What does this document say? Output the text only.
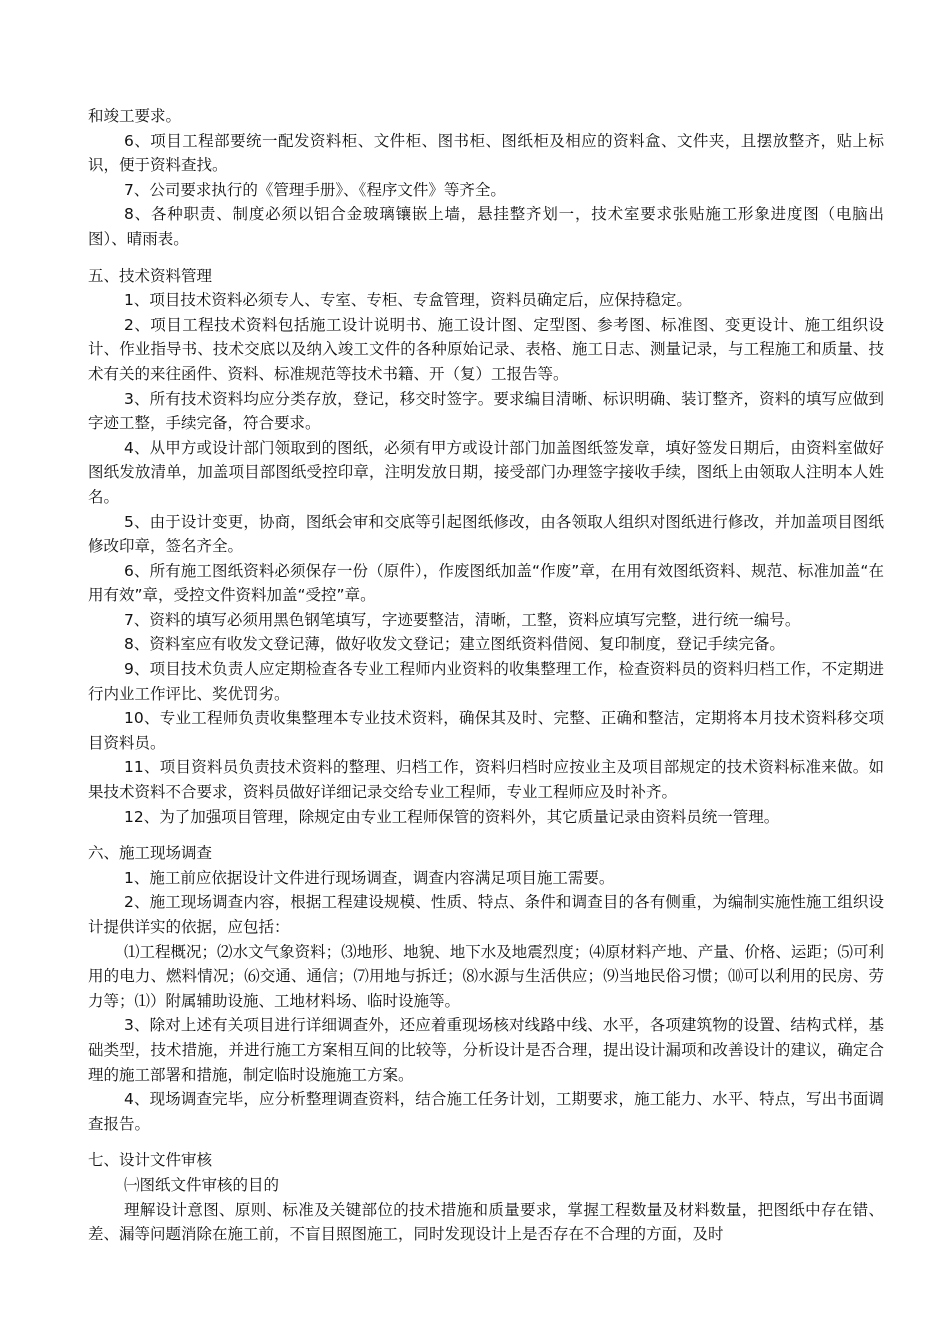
和竣工要求。

6、项目工程部要统一配发资料柜、文件柜、图书柜、图纸柜及相应的资料盒、文件夹，且摆放整齐，贴上标识，便于资料查找。

7、公司要求执行的《管理手册》、《程序文件》等齐全。

8、各种职责、制度必须以铝合金玻璃镶嵌上墙，悬挂整齐划一，技术室要求张贴施工形象进度图（电脑出图）、晴雨表。

五、技术资料管理

1、项目技术资料必须专人、专室、专柜、专盒管理，资料员确定后，应保持稳定。

2、项目工程技术资料包括施工设计说明书、施工设计图、定型图、参考图、标准图、变更设计、施工组织设计、作业指导书、技术交底以及纳入竣工文件的各种原始记录、表格、施工日志、测量记录，与工程施工和质量、技术有关的来往函件、资料、标准规范等技术书籍、开（复）工报告等。

3、所有技术资料均应分类存放，登记，移交时签字。要求编目清晰、标识明确、装订整齐，资料的填写应做到字迹工整，手续完备，符合要求。

4、从甲方或设计部门领取到的图纸，必须有甲方或设计部门加盖图纸签发章，填好签发日期后，由资料室做好图纸发放清单，加盖项目部图纸受控印章，注明发放日期，接受部门办理签字接收手续，图纸上由领取人注明本人姓名。

5、由于设计变更，协商，图纸会审和交底等引起图纸修改，由各领取人组织对图纸进行修改，并加盖项目图纸修改印章，签名齐全。

6、所有施工图纸资料必须保存一份（原件），作废图纸加盖“作废”章，在用有效图纸资料、规范、标准加盖“在用有效”章，受控文件资料加盖“受控”章。

7、资料的填写必须用黑色钢笔填写，字迹要整洁，清晰，工整，资料应填写完整，进行统一编号。

8、资料室应有收发文登记薄，做好收发文登记；建立图纸资料借阅、复印制度，登记手续完备。

9、项目技术负责人应定期检查各专业工程师内业资料的收集整理工作，检查资料员的资料归档工作，不定期进行内业工作评比、奖优罚劣。

10、专业工程师负责收集整理本专业技术资料，确保其及时、完整、正确和整洁，定期将本月技术资料移交项目资料员。

11、项目资料员负责技术资料的整理、归档工作，资料归档时应按业主及项目部规定的技术资料标准来做。如果技术资料不合要求，资料员做好详细记录交给专业工程师，专业工程师应及时补齐。

12、为了加强项目管理，除规定由专业工程师保管的资料外，其它质量记录由资料员统一管理。

六、施工现场调查

1、施工前应依据设计文件进行现场调查，调查内容满足项目施工需要。

2、施工现场调查内容，根据工程建设规模、性质、特点、条件和调查目的各有侧重，为编制实施性施工组织设计提供详实的依据，应包括：

⑴工程概况；⑵水文气象资料；⑶地形、地貌、地下水及地震烈度；⑷原材料产地、产量、价格、运距；⑸可利用的电力、燃料情况；⑹交通、通信；⑺用地与拆迁；⑻水源与生活供应；⑼当地民俗习惯；⑽可以利用的民房、劳力等；⑴）附属辅助设施、工地材料场、临时设施等。

3、除对上述有关项目进行详细调查外，还应着重现场核对线路中线、水平，各项建筑物的设置、结构式样，基础类型，技术措施，并进行施工方案相互间的比较等，分析设计是否合理，提出设计漏项和改善设计的建议，确定合理的施工部署和措施，制定临时设施施工方案。

4、现场调查完毕，应分析整理调查资料，结合施工任务计划，工期要求，施工能力、水平、特点，写出书面调查报告。

七、设计文件审核

㈠图纸文件审核的目的

理解设计意图、原则、标准及关键部位的技术措施和质量要求，掌握工程数量及材料数量，把图纸中存在错、差、漏等问题消除在施工前，不盲目照图施工，同时发现设计上是否存在不合理的方面，及时
